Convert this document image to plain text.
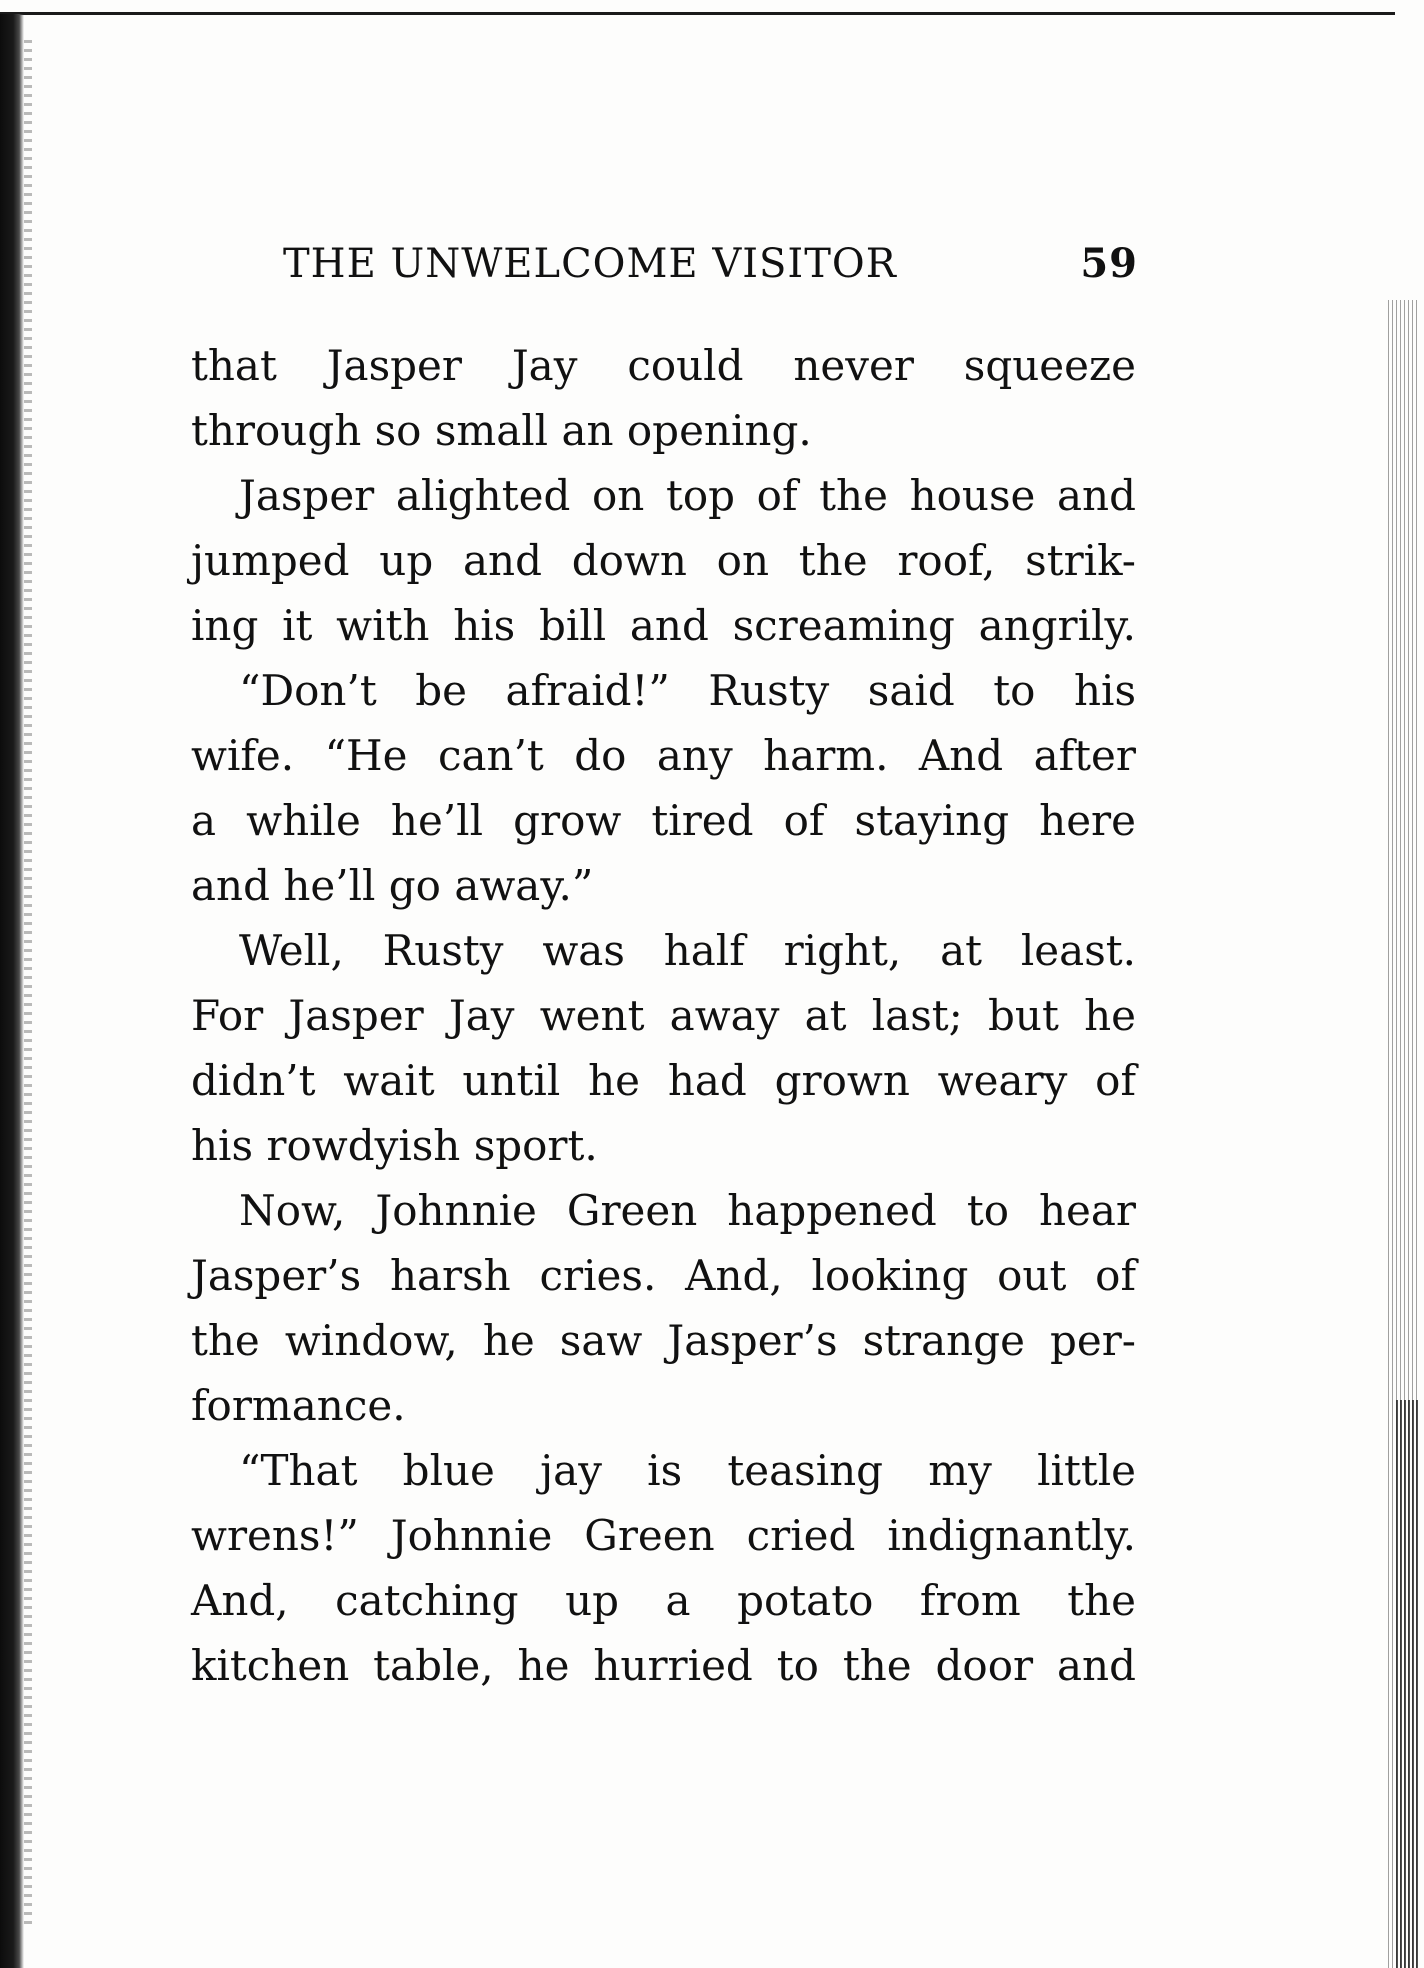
THE UNWELCOME VISITOR	59
that Jasper Jay could never squeeze
through so small an opening.
Jasper alighted on top of the house and
jumped up and down on the roof, strik-
ing it with his bill and screaming angrily.
“Don’t be afraid!” Rusty said to his
wife. “He can’t do any harm. And after
a while he’ll grow tired of staying here
and he’ll go away.”
Well, Rusty was half right, at least.
For Jasper Jay went away at last; but he
didn’t wait until he had grown weary of
his rowdyish sport.
Now, Johnnie Green happened to hear
Jasper’s harsh cries. And, looking out of
the window, he saw Jasper’s strange per-
formance.
“That blue jay is teasing my little
wrens!” Johnnie Green cried indignantly.
And, catching up a potato from the
kitchen table, he hurried to the door and
